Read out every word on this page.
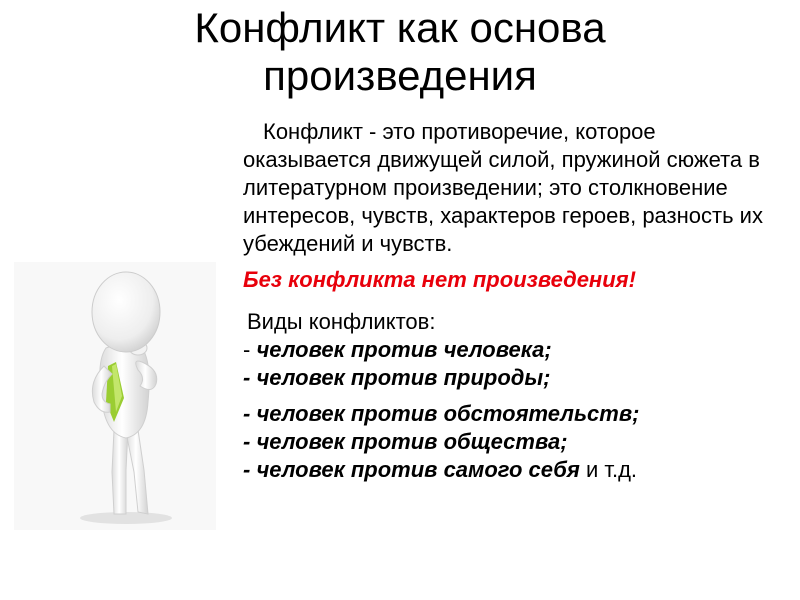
Конфликт как основа
произведения

Конфликт - это противоречие, которое оказывается движущей силой, пружиной сюжета в литературном произведении; это столкновение интересов, чувств, характеров героев, разность их убеждений и чувств.

Без конфликта нет произведения!

Виды конфликтов:

- человек против человека;
- человек против природы;
- человек против обстоятельств;
- человек против общества;
- человек против самого себя и т.д.
